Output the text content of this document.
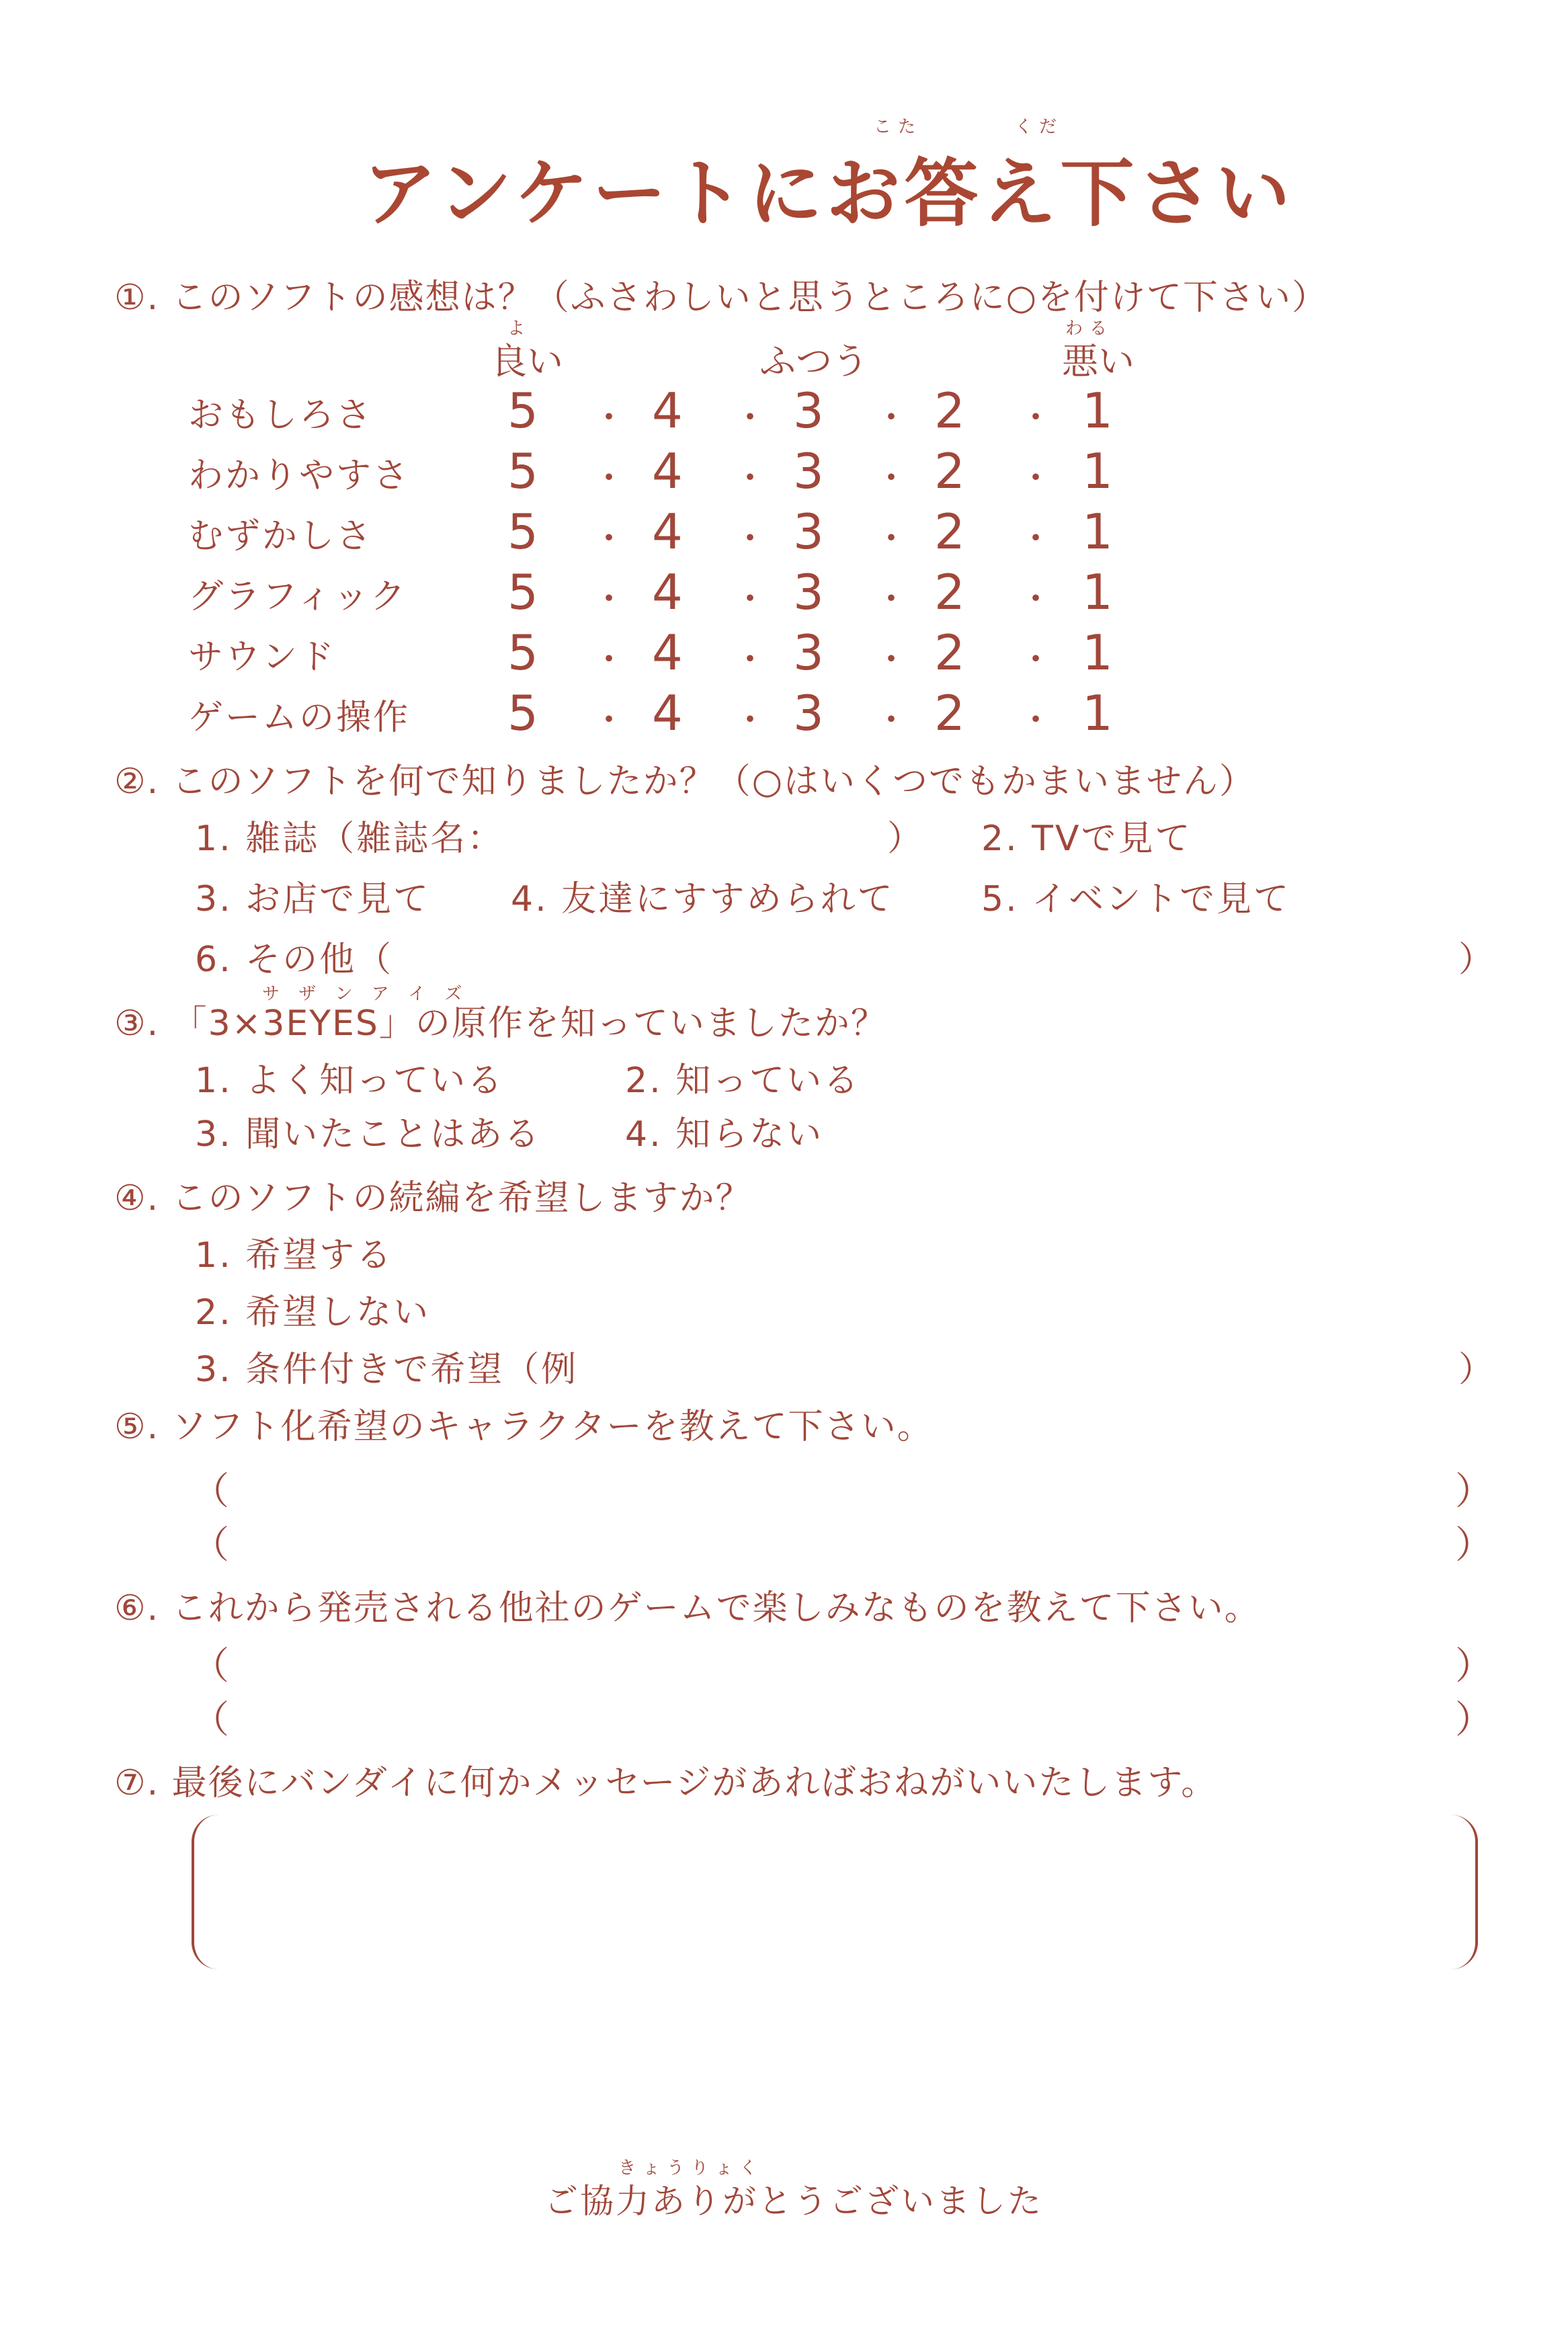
こた	くだ
アンケートにお答え下さい
①. このソフトの感想は？（ふさわしいと思うところに○を付けて下さい）
よ
良い	ふつう
わる
悪い
おもしろさ	5 ・ 4 ・ 3 ・ 2 ・ 1
わかりやすさ 5 ・ 4 ・ 3 ・ 2 ・ 1
むずかしさ	5 ・ 4 ・ 3 ・ 2 ・ 1
グラフィック 5 ・ 4 ・ 3 ・ 2 ・ 1
サウンド	5 ・ 4 ・ 3 ・ 2 ・ 1
ゲームの操作 5 ・ 4 ・ 3 ・ 2 ・ 1
②. このソフトを何で知りましたか？（○はいくつでもかまいません）
1. 雑誌（雑誌名：	） 2. TVで見て
3. お店で見て 4. 友達にすすめられて 5. イベントで見て
6. その他（	）
サ ザ ン ア イ ズ
③. 「3×3EYES」の原作を知っていましたか？
1. よく知っている	2. 知っている
3. 聞いたことはある 4. 知らない
④. このソフトの続編を希望しますか？
1. 希望する
2. 希望しない
3. 条件付きで希望（例	）
⑤. ソフト化希望のキャラクターを教えて下さい。
（	）
（	）
⑥. これから発売される他社のゲームで楽しみなものを教えて下さい。
（	）
（	）
⑦. 最後にバンダイに何かメッセージがあればおねがいいたします。
きょうりょく
ご協力ありがとうございました
